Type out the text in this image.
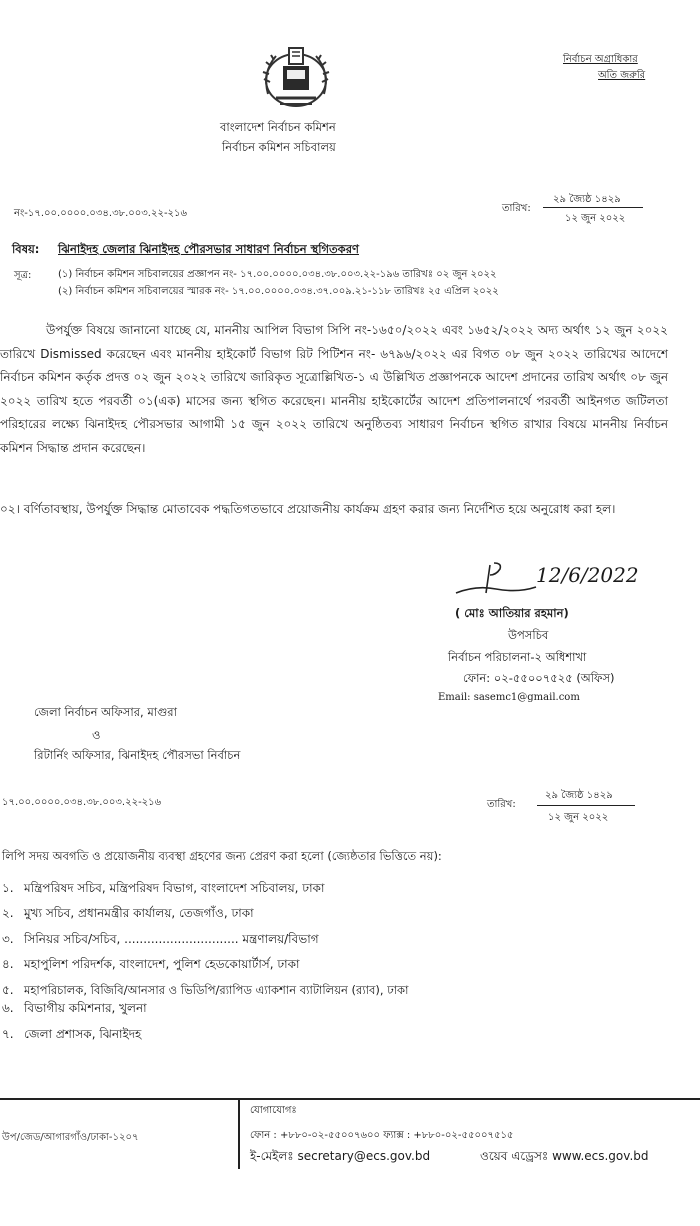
বাংলাদেশ নির্বাচন কমিশন
নির্বাচন কমিশন সচিবালয়
নির্বাচন অগ্রাধিকার
অতি জরুরি
নং-১৭.০০.০০০০.০৩৪.৩৮.০০৩.২২-২১৬	তারিখ:
২৯ জ্যৈষ্ঠ ১৪২৯
১২ জুন ২০২২
বিষয়: ঝিনাইদহ জেলার ঝিনাইদহ পৌরসভার সাধারণ নির্বাচন স্থগিতকরণ
সূত্র:	(১) নির্বাচন কমিশন সচিবালয়ের প্রজ্ঞাপন নং- ১৭.০০.০০০০.০৩৪.৩৮.০০৩.২২-১৯৬ তারিখঃ ০২ জুন ২০২২
(২) নির্বাচন কমিশন সচিবালয়ের স্মারক নং- ১৭.০০.০০০০.০৩৪.৩৭.০০৯.২১-১১৮ তারিখঃ ২৫ এপ্রিল ২০২২
উপর্যুক্ত বিষয়ে জানানো যাচ্ছে যে, মাননীয় আপিল বিভাগ সিপি নং-১৬৫০/২০২২ এবং ১৬৫২/২০২২ অদ্য অর্থাৎ ১২ জুন ২০২২ তারিখে Dismissed করেছেন এবং মাননীয় হাইকোর্ট বিভাগ রিট পিটিশন নং- ৬৭৯৬/২০২২ এর বিগত ০৮ জুন ২০২২ তারিখের আদেশে নির্বাচন কমিশন কর্তৃক প্রদত্ত ০২ জুন ২০২২ তারিখে জারিকৃত সূত্রোল্লিখিত-১ এ উল্লিখিত প্রজ্ঞাপনকে আদেশ প্রদানের তারিখ অর্থাৎ ০৮ জুন ২০২২ তারিখ হতে পরবর্তী ০১(এক) মাসের জন্য স্থগিত করেছেন। মাননীয় হাইকোর্টের আদেশ প্রতিপালনার্থে পরবর্তী আইনগত জটিলতা পরিহারের লক্ষ্যে ঝিনাইদহ পৌরসভার আগামী ১৫ জুন ২০২২ তারিখে অনুষ্ঠিতব্য সাধারণ নির্বাচন স্থগিত রাখার বিষয়ে মাননীয় নির্বাচন কমিশন সিদ্ধান্ত প্রদান করেছেন।
০২। বর্ণিতাবস্থায়, উপর্যুক্ত সিদ্ধান্ত মোতাবেক পদ্ধতিগতভাবে প্রয়োজনীয় কার্যক্রম গ্রহণ করার জন্য নির্দেশিত হয়ে অনুরোধ করা হল।
12/6/2022
( মোঃ আতিয়ার রহমান)
উপসচিব
নির্বাচন পরিচালনা-২ অধিশাখা
ফোন: ০২-৫৫০০৭৫২৫ (অফিস)
Email: sasemc1@gmail.com
জেলা নির্বাচন অফিসার, মাগুরা
ও
রিটার্নিং অফিসার, ঝিনাইদহ পৌরসভা নির্বাচন
১৭.০০.০০০০.০৩৪.৩৮.০০৩.২২-২১৬	তারিখ:
২৯ জ্যৈষ্ঠ ১৪২৯
১২ জুন ২০২২
লিপি সদয় অবগতি ও প্রয়োজনীয় ব্যবস্থা গ্রহণের জন্য প্রেরণ করা হলো (জ্যেষ্ঠতার ভিত্তিতে নয়):
১. মন্ত্রিপরিষদ সচিব, মন্ত্রিপরিষদ বিভাগ, বাংলাদেশ সচিবালয়, ঢাকা
২. মুখ্য সচিব, প্রধানমন্ত্রীর কার্যালয়, তেজগাঁও, ঢাকা
৩. সিনিয়র সচিব/সচিব, .............................. মন্ত্রণালয়/বিভাগ
৪. মহাপুলিশ পরিদর্শক, বাংলাদেশ, পুলিশ হেডকোয়ার্টার্স, ঢাকা
৫. মহাপরিচালক, বিজিবি/আনসার ও ভিডিপি/র‌্যাপিড এ্যাকশান ব্যাটালিয়ন (র‌্যাব), ঢাকা
৬. বিভাগীয় কমিশনার, খুলনা
৭. জেলা প্রশাসক, ঝিনাইদহ
উপ/জেড/আগারগাঁও/ঢাকা-১২০৭
যোগাযোগঃ
ফোন : +৮৮০-০২-৫৫০০৭৬০০ ফ্যাক্স : +৮৮০-০২-৫৫০০৭৫১৫
ই-মেইলঃ secretary@ecs.gov.bd	ওয়েব এড্রেসঃ www.ecs.gov.bd
